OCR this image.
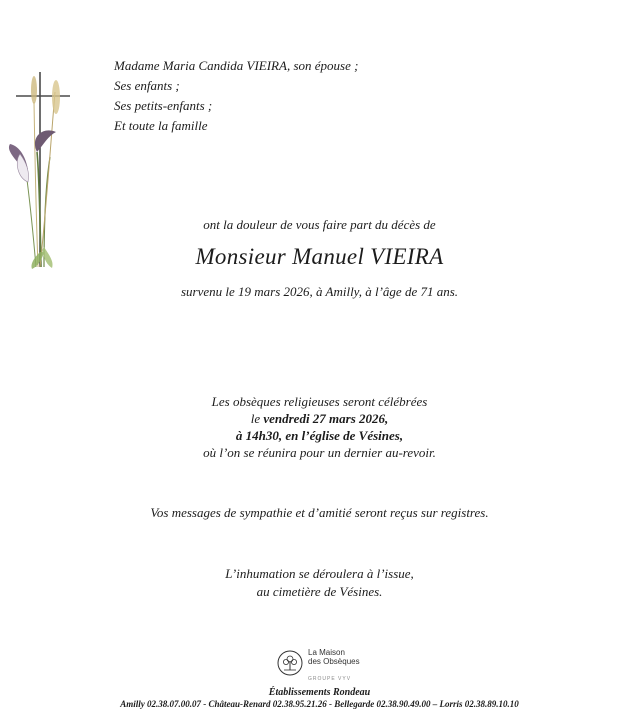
Madame Maria Candida VIEIRA, son épouse ;
Ses enfants ;
Ses petits-enfants ;
Et toute la famille
ont la douleur de vous faire part du décès de
Monsieur Manuel VIEIRA
survenu le 19 mars 2026, à Amilly, à l’âge de 71 ans.
Les obsèques religieuses seront célébrées
le vendredi 27 mars 2026,
à 14h30, en l’église de Vésines,
où l’on se réunira pour un dernier au-revoir.
Vos messages de sympathie et d’amitié seront reçus sur registres.
L’inhumation se déroulera à l’issue,
au cimetière de Vésines.
La Maison
des Obsèques
GROUPE VYV
Établissements Rondeau
Amilly 02.38.07.00.07 - Château-Renard 02.38.95.21.26 - Bellegarde 02.38.90.49.00 – Lorris 02.38.89.10.10
